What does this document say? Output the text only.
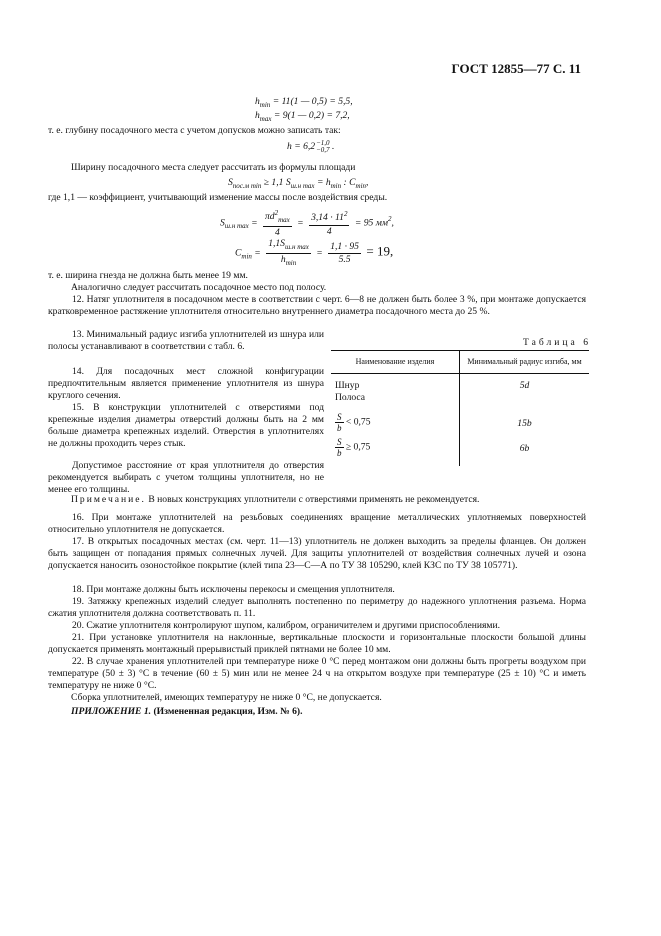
ГОСТ 12855—77 С. 11
$h_{min} = 11(1$ — 0,5) = 5,5,
$h_{max} = 9(1$ — 0,2) = 7,2,
т. е. глубину посадочного места с учетом допусков можно записать так:
h = 6,2 −1,0
−0,7 .
Ширину посадочного места следует рассчитать из формулы площади
$S_{пос.м min} \ge 1,1$ $S_{ш.н max} = h_{min}$ : $C_{min}$,
где 1,1 — коэффициент, учитывающий изменение массы после воздействия среды.
$S_{ш.н max} = \frac{\pi d^2_{max}}{4} = \frac{3,14 \cdot 11^2}{4} = 95$ $мм^2$,
$C_{min} = \frac{1,1S_{ш.н max}}{h_{min}} = \frac{1,1 \cdot 95}{5.5} = 19$,
т. е. ширина гнезда не должна быть менее 19 мм.
Аналогично следует рассчитать посадочное место под полосу.
12. Натяг уплотнителя в посадочном месте в соответствии с черт. 6—8 не должен быть более 3 %, при монтаже допускается кратковременное растяжение уплотнителя относительно внутреннего диаметра посадочного места до 25 %.
13. Минимальный радиус изгиба уплотнителей из шнура или полосы устанавливают в соответствии с табл. 6.
14. Для посадочных мест сложной конфигурации предпочтительным является применение уплотнителя из шнура круглого сечения.
15. В конструкции уплотнителей с отверстиями под крепежные изделия диаметры отверстий должны быть на 2 мм больше диаметра крепежных изделий. Отверстия в уплотнителях не должны проходить через стык.
Допустимое расстояние от края уплотнителя до отверстия рекомендуется выбирать с учетом толщины уплотнителя, но не менее его толщины.
Таблица 6
Наименование изделия	Минимальный радиус изгиба, мм
Шнур
Полоса	5d

$\frac{S}{b} < 0,75$	15b

$\frac{S}{b} \ge 0,75$	6b
Примечание. В новых конструкциях уплотнители с отверстиями применять не рекомендуется.
16. При монтаже уплотнителей на резьбовых соединениях вращение металлических уплотняемых поверхностей относительно уплотнителя не допускается.
17. В открытых посадочных местах (см. черт. 11—13) уплотнитель не должен выходить за пределы фланцев. Он должен быть защищен от попадания прямых солнечных лучей. Для защиты уплотнителей от воздействия солнечных лучей и озона допускается наносить озоностойкое покрытие (клей типа 23—С—А по ТУ 38 105290, клей КЗС по ТУ 38 105771).
18. При монтаже должны быть исключены перекосы и смещения уплотнителя.
19. Затяжку крепежных изделий следует выполнять постепенно по периметру до надежного уплотнения разъема. Норма сжатия уплотнителя должна соответствовать п. 11.
20. Сжатие уплотнителя контролируют шупом, калибром, ограничителем и другими приспособлениями.
21. При установке уплотнителя на наклонные, вертикальные плоскости и горизонтальные плоскости большой длины допускается применять монтажный прерывистый приклей пятнами не более 10 мм.
22. В случае хранения уплотнителей при температуре ниже 0 °С перед монтажом они должны быть прогреты воздухом при температуре (50 ± 3) °С в течение (60 ± 5) мин или не менее 24 ч на открытом воздухе при температуре (25 ± 10) °С и иметь температуру не ниже 0 °С.
Сборка уплотнителей, имеющих температуру не ниже 0 °С, не допускается.
ПРИЛОЖЕНИЕ 1. (Измененная редакция, Изм. № 6).
